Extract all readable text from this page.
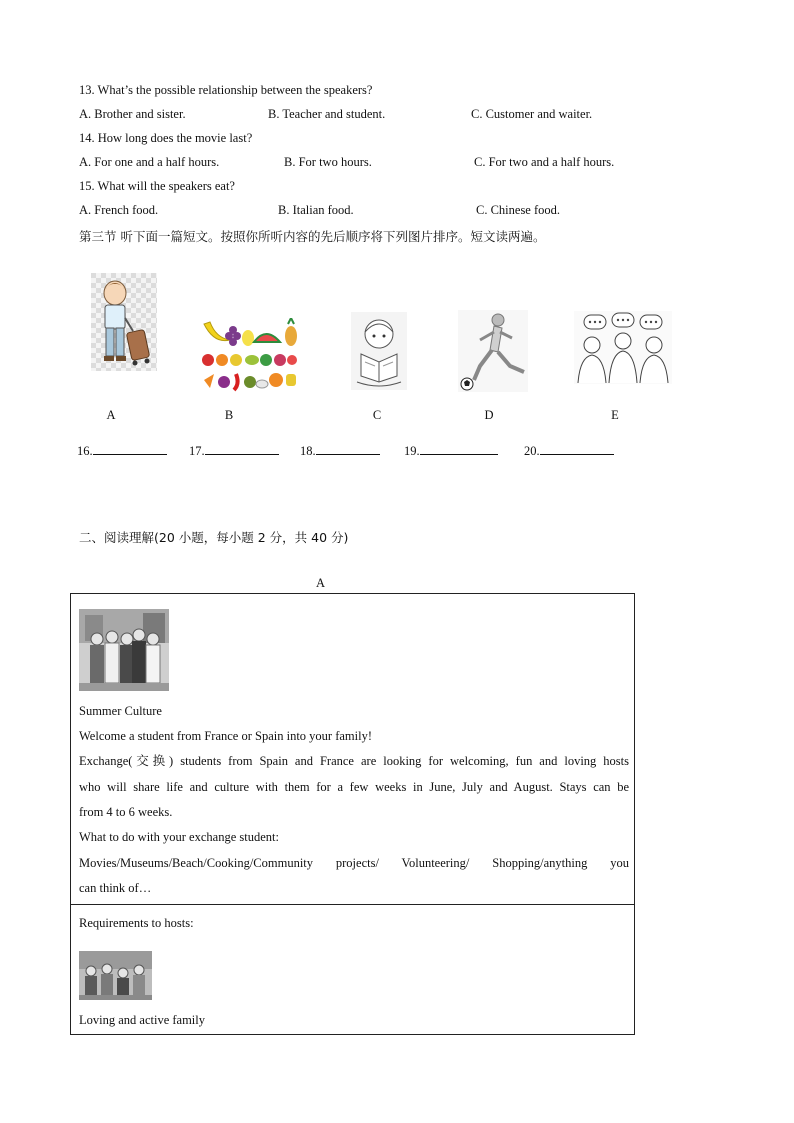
13. What’s the possible relationship between the speakers?
A. Brother and sister.	B. Teacher and student.	C. Customer and waiter.
14. How long does the movie last?
A. For one and a half hours.	B. For two hours.	C. For two and a half hours.
15. What will the speakers eat?
A. French food.	B. Italian food.	C. Chinese food.
第三节 听下面一篇短文。按照你所听内容的先后顺序将下列图片排序。短文读两遍。
A	B	C	D	E
16.	17.	18.	19.	20.
二、阅读理解(20 小题，每小题 2 分，共 40 分)
A
Summer Culture
Welcome a student from France or Spain into your family!
Exchange(交换) students from Spain and France are looking for welcoming, fun and loving hosts
who will share life and culture with them for a few weeks in June, July and August. Stays can be
from 4 to 6 weeks.
What to do with your exchange student:
Movies/Museums/Beach/Cooking/Community projects/ Volunteering/ Shopping/anything you
can think of…
Requirements to hosts:
Loving and active family
